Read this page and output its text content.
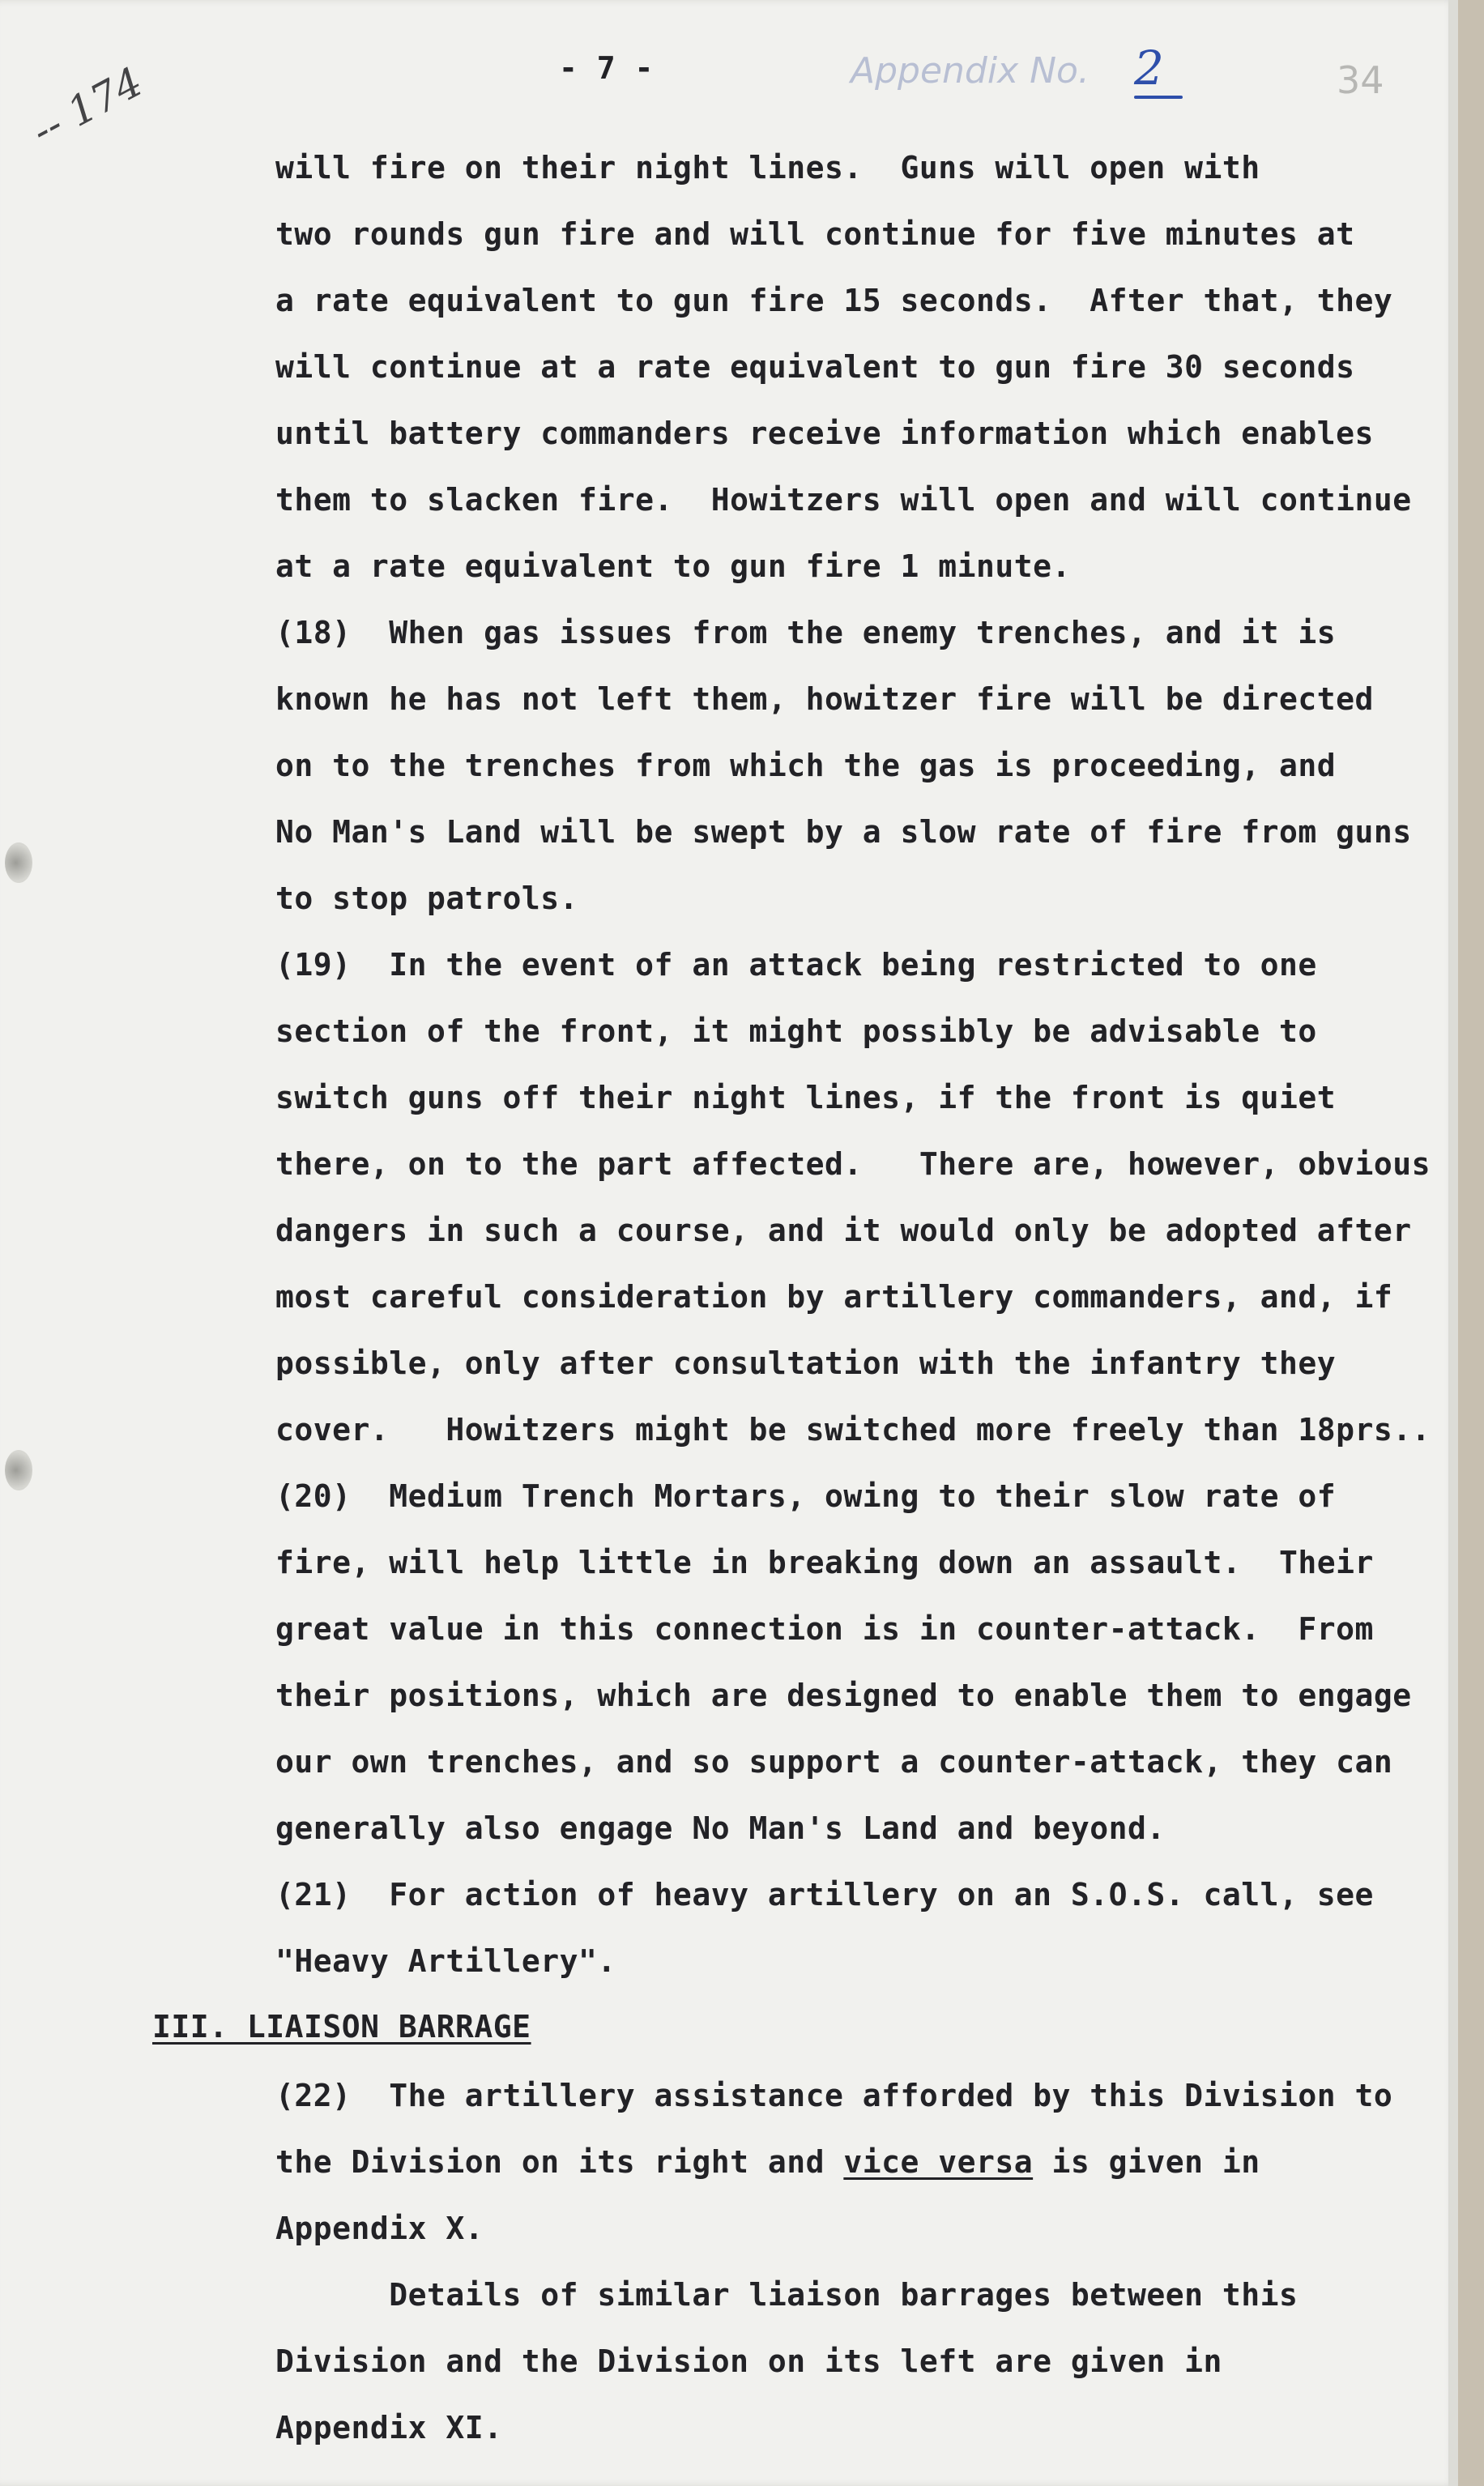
-- 174	- 7 -	Appendix No. 2	34
will fire on their night lines.  Guns will open with
two rounds gun fire and will continue for five minutes at
a rate equivalent to gun fire 15 seconds.  After that, they
will continue at a rate equivalent to gun fire 30 seconds
until battery commanders receive information which enables
them to slacken fire.  Howitzers will open and will continue
at a rate equivalent to gun fire 1 minute.
(18)  When gas issues from the enemy trenches, and it is
known he has not left them, howitzer fire will be directed
on to the trenches from which the gas is proceeding, and
No Man's Land will be swept by a slow rate of fire from guns
to stop patrols.
(19)  In the event of an attack being restricted to one
section of the front, it might possibly be advisable to
switch guns off their night lines, if the front is quiet
there, on to the part affected.   There are, however, obvious
dangers in such a course, and it would only be adopted after
most careful consideration by artillery commanders, and, if
possible, only after consultation with the infantry they
cover.   Howitzers might be switched more freely than 18prs..
(20)  Medium Trench Mortars, owing to their slow rate of
fire, will help little in breaking down an assault.  Their
great value in this connection is in counter-attack.  From
their positions, which are designed to enable them to engage
our own trenches, and so support a counter-attack, they can
generally also engage No Man's Land and beyond.
(21)  For action of heavy artillery on an S.O.S. call, see
"Heavy Artillery".
III. LIAISON BARRAGE
(22)  The artillery assistance afforded by this Division to
the Division on its right and vice versa is given in
Appendix X.
Details of similar liaison barrages between this
Division and the Division on its left are given in
Appendix XI.
